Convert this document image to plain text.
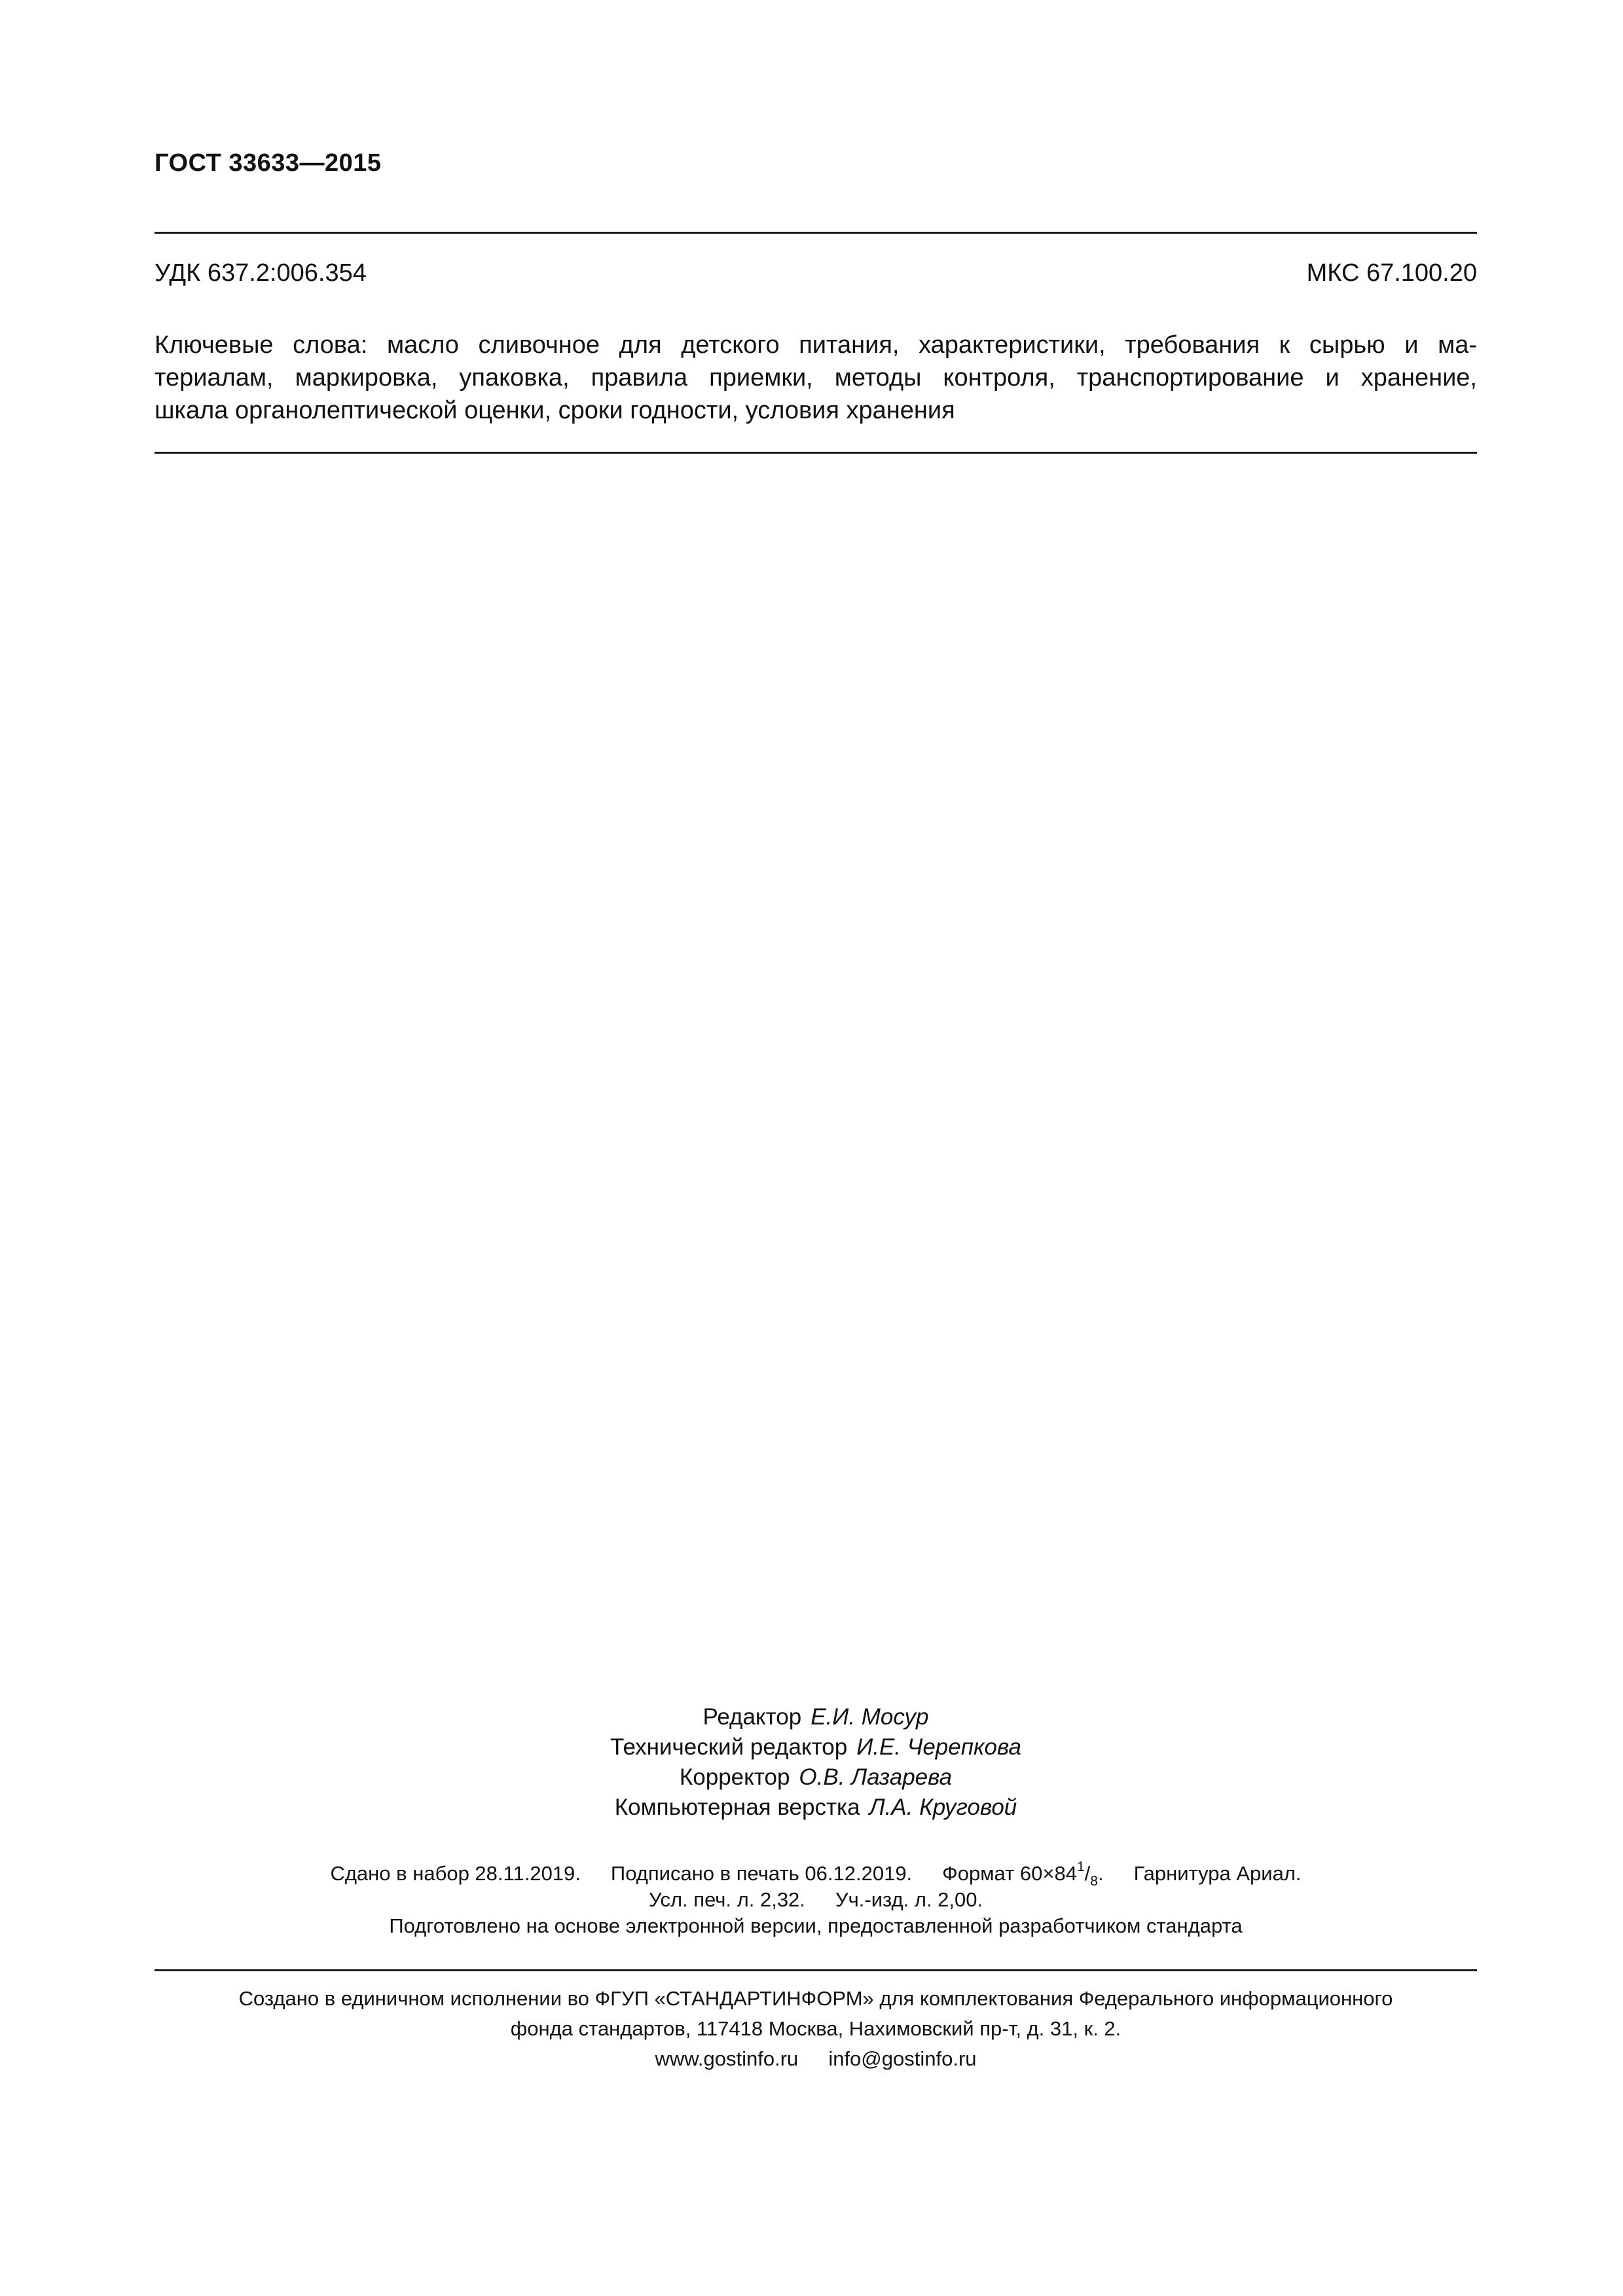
ГОСТ 33633—2015
УДК 637.2:006.354	МКС 67.100.20
Ключевые слова: масло сливочное для детского питания, характеристики, требования к сырью и ма-
териалам, маркировка, упаковка, правила приемки, методы контроля, транспортирование и хранение,
шкала органолептической оценки, сроки годности, условия хранения
Редактор Е.И. Мосур
Технический редактор И.Е. Черепкова
Корректор О.В. Лазарева
Компьютерная верстка Л.А. Круговой
Сдано в набор 28.11.2019. Подписано в печать 06.12.2019. Формат $60\times 84^1/_8$. Гарнитура Ариал.
Усл. печ. л. 2,32. Уч.-изд. л. 2,00.
Подготовлено на основе электронной версии, предоставленной разработчиком стандарта
Создано в единичном исполнении во ФГУП «СТАНДАРТИНФОРМ» для комплектования Федерального информационного
фонда стандартов, 117418 Москва, Нахимовский пр-т, д. 31, к. 2.
www.gostinfo.ru info@gostinfo.ru
